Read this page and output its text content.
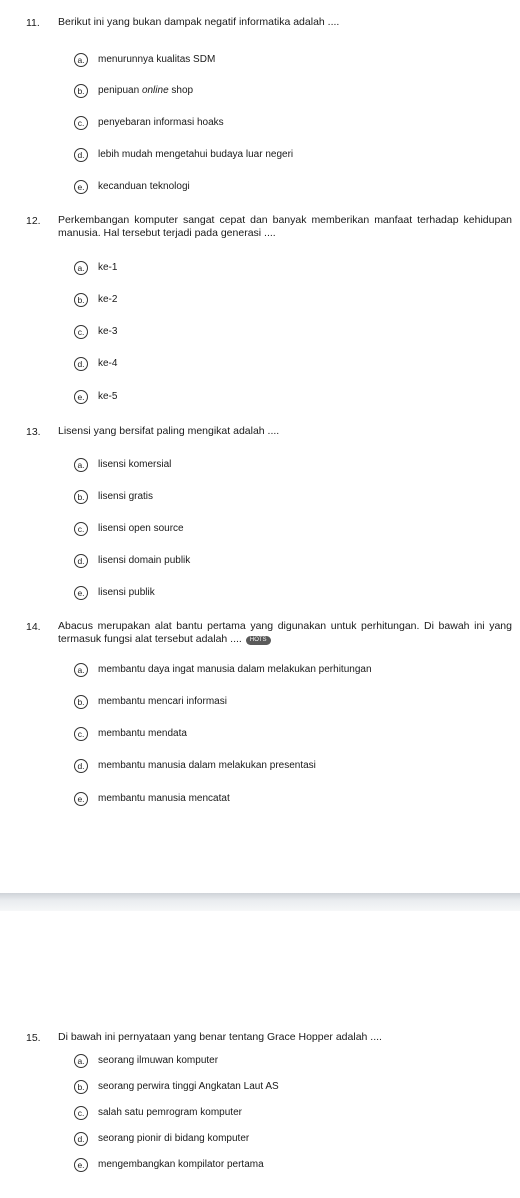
11. Berikut ini yang bukan dampak negatif informatika adalah ....
a.	menurunnya kualitas SDM
b.	penipuan online shop
c.	penyebaran informasi hoaks
d.	lebih mudah mengetahui budaya luar negeri
e.	kecanduan teknologi
12. Perkembangan komputer sangat cepat dan banyak memberikan manfaat terhadap kehidupan manusia. Hal tersebut terjadi pada generasi ....
a.	ke-1
b.	ke-2
c.	ke-3
d.	ke-4
e.	ke-5
13. Lisensi yang bersifat paling mengikat adalah ....
a.	lisensi komersial
b.	lisensi gratis
c.	lisensi open source
d.	lisensi domain publik
e.	lisensi publik
14. Abacus merupakan alat bantu pertama yang digunakan untuk perhitungan. Di bawah ini yang termasuk fungsi alat tersebut adalah .... HOTS
a.	membantu daya ingat manusia dalam melakukan perhitungan
b.	membantu mencari informasi
c.	membantu mendata
d.	membantu manusia dalam melakukan presentasi
e.	membantu manusia mencatat
15. Di bawah ini pernyataan yang benar tentang Grace Hopper adalah ....
a.	seorang ilmuwan komputer
b.	seorang perwira tinggi Angkatan Laut AS
c.	salah satu pemrogram komputer
d.	seorang pionir di bidang komputer
e.	mengembangkan kompilator pertama
